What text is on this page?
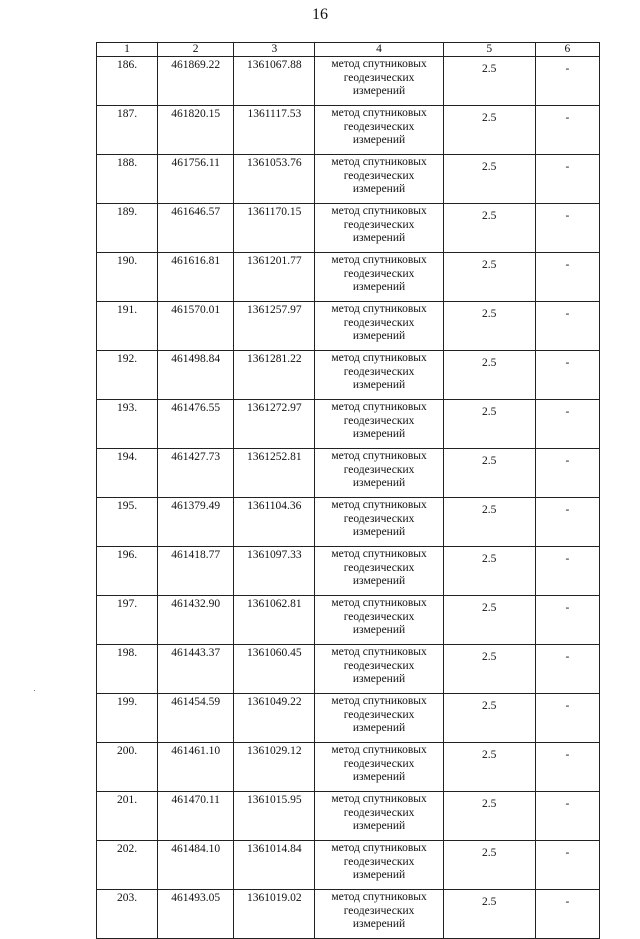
16
1	2	3	4	5	6
186.	461869.22	1361067.88	метод спутниковых
геодезических
измерений	2.5	-
187.	461820.15	1361117.53	метод спутниковых
геодезических
измерений	2.5	-
188.	461756.11	1361053.76	метод спутниковых
геодезических
измерений	2.5	-
189.	461646.57	1361170.15	метод спутниковых
геодезических
измерений	2.5	-
190.	461616.81	1361201.77	метод спутниковых
геодезических
измерений	2.5	-
191.	461570.01	1361257.97	метод спутниковых
геодезических
измерений	2.5	-
192.	461498.84	1361281.22	метод спутниковых
геодезических
измерений	2.5	-
193.	461476.55	1361272.97	метод спутниковых
геодезических
измерений	2.5	-
194.	461427.73	1361252.81	метод спутниковых
геодезических
измерений	2.5	-
195.	461379.49	1361104.36	метод спутниковых
геодезических
измерений	2.5	-
196.	461418.77	1361097.33	метод спутниковых
геодезических
измерений	2.5	-
197.	461432.90	1361062.81	метод спутниковых
геодезических
измерений	2.5	-
198.	461443.37	1361060.45	метод спутниковых
геодезических
измерений	2.5	-
199.	461454.59	1361049.22	метод спутниковых
геодезических
измерений	2.5	-
200.	461461.10	1361029.12	метод спутниковых
геодезических
измерений	2.5	-
201.	461470.11	1361015.95	метод спутниковых
геодезических
измерений	2.5	-
202.	461484.10	1361014.84	метод спутниковых
геодезических
измерений	2.5	-
203.	461493.05	1361019.02	метод спутниковых
геодезических
измерений	2.5	-
